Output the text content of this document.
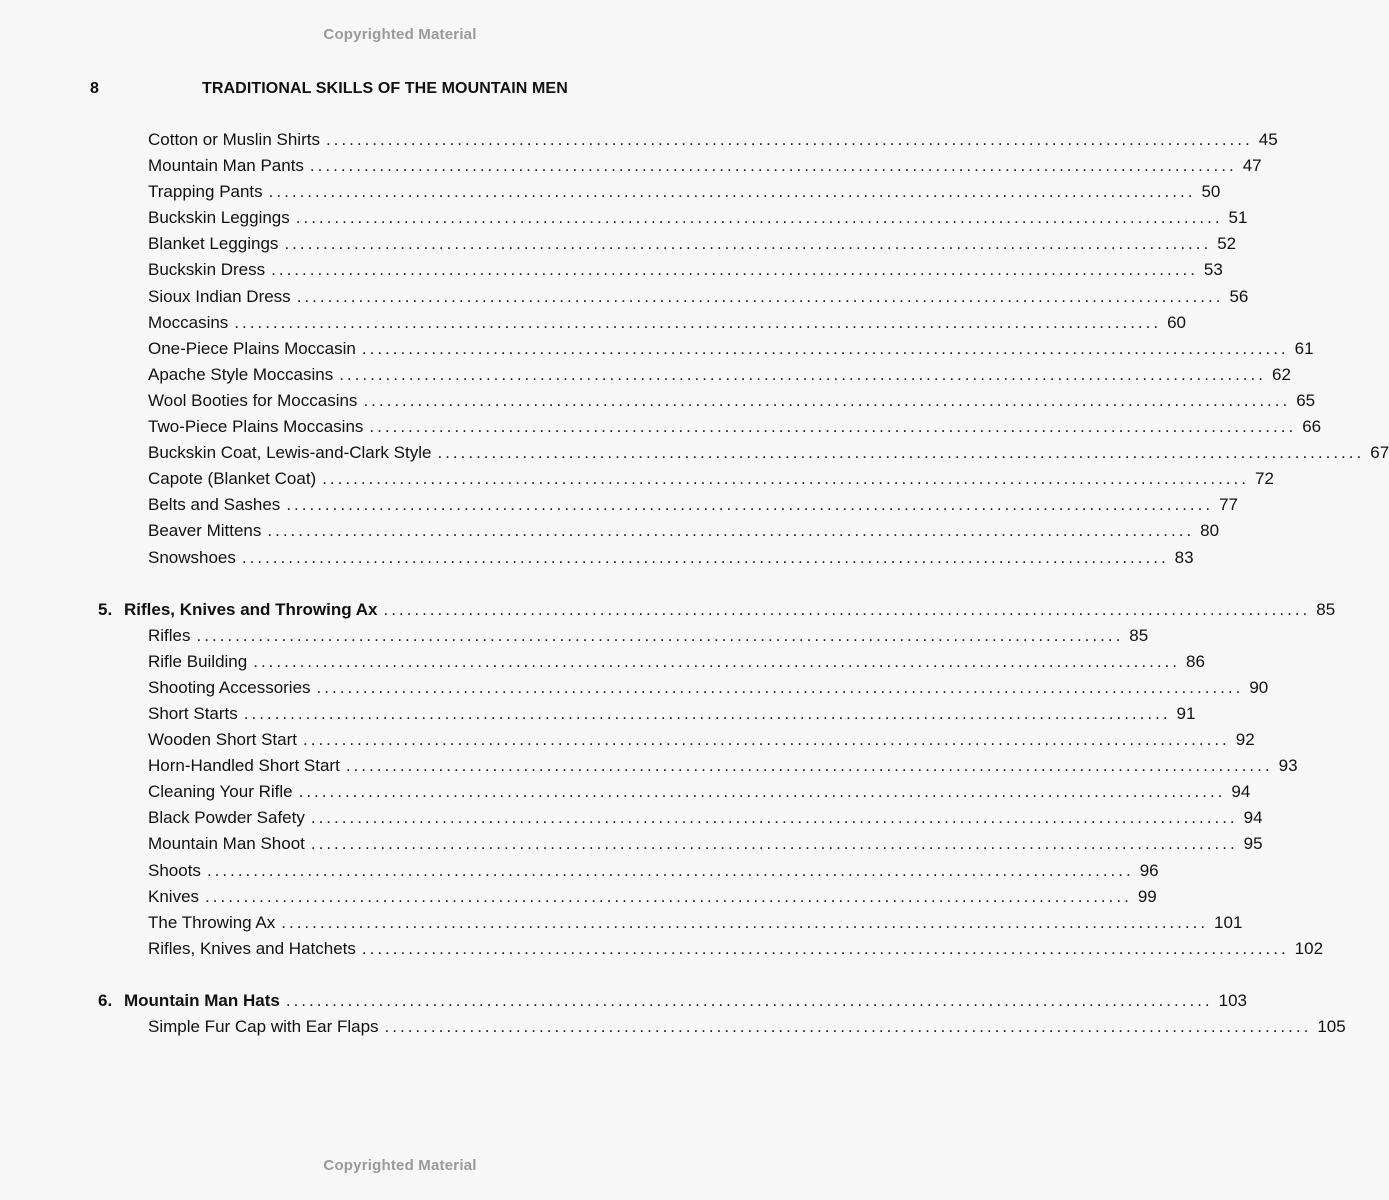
Copyrighted Material
8	TRADITIONAL SKILLS OF THE MOUNTAIN MEN
Cotton or Muslin Shirts ........................................................................................................................ 45
Mountain Man Pants ........................................................................................................................ 47
Trapping Pants ........................................................................................................................ 50
Buckskin Leggings ........................................................................................................................ 51
Blanket Leggings ........................................................................................................................ 52
Buckskin Dress ........................................................................................................................ 53
Sioux Indian Dress ........................................................................................................................ 56
Moccasins ........................................................................................................................ 60
One-Piece Plains Moccasin ........................................................................................................................ 61
Apache Style Moccasins ........................................................................................................................ 62
Wool Booties for Moccasins ........................................................................................................................ 65
Two-Piece Plains Moccasins ........................................................................................................................ 66
Buckskin Coat, Lewis-and-Clark Style ........................................................................................................................ 67
Capote (Blanket Coat) ........................................................................................................................ 72
Belts and Sashes ........................................................................................................................ 77
Beaver Mittens ........................................................................................................................ 80
Snowshoes ........................................................................................................................ 83
5. Rifles, Knives and Throwing Ax ........................................................................................................................ 85
Rifles ........................................................................................................................ 85
Rifle Building ........................................................................................................................ 86
Shooting Accessories ........................................................................................................................ 90
Short Starts ........................................................................................................................ 91
Wooden Short Start ........................................................................................................................ 92
Horn-Handled Short Start ........................................................................................................................ 93
Cleaning Your Rifle ........................................................................................................................ 94
Black Powder Safety ........................................................................................................................ 94
Mountain Man Shoot ........................................................................................................................ 95
Shoots ........................................................................................................................ 96
Knives ........................................................................................................................ 99
The Throwing Ax ........................................................................................................................ 101
Rifles, Knives and Hatchets ........................................................................................................................ 102
6. Mountain Man Hats ........................................................................................................................ 103
Simple Fur Cap with Ear Flaps ........................................................................................................................ 105
Copyrighted Material
